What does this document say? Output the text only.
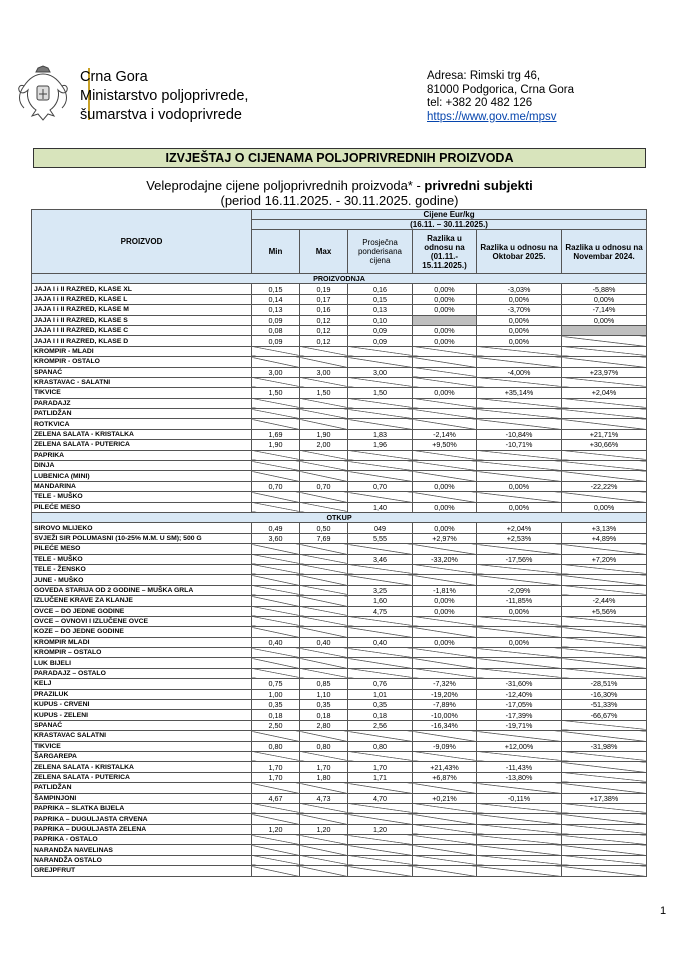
Crna Gora
Ministarstvo poljoprivrede,
šumarstva i vodoprivrede
Adresa: Rimski trg 46,
81000 Podgorica, Crna Gora
tel: +382 20 482 126
https://www.gov.me/mpsv
IZVJEŠTAJ O CIJENAMA POLJOPRIVREDNIH PROIZVODA
Veleprodajne cijene poljoprivrednih proizvoda* - privredni subjekti
(period 16.11.2025. - 30.11.2025. godine)
PROIZVOD	Cijene Eur/kg					
	(16.11. – 30.11.2025.)					
	Min	Max	Prosječna ponderisana cijena	Razlika u odnosu na (01.11.- 15.11.2025.)	Razlika u odnosu na Oktobar 2025.	Razlika u odnosu na Novembar 2024.
PROIZVODNJA						
JAJA I i II RAZRED, KLASE XL	0,15	0,19	0,16	0,00%	-3,03%	-5,88%
JAJA I i II RAZRED, KLASE L	0,14	0,17	0,15	0,00%	0,00%	0,00%
JAJA I i II RAZRED, KLASE M	0,13	0,16	0,13	0,00%	-3,70%	-7,14%
JAJA I i II RAZRED, KLASE S	0,09	0,12	0,10		0,00%	0,00%
JAJA I I II RAZRED, KLASE C	0,08	0,12	0,09	0,00%	0,00%	
JAJA I I II RAZRED, KLASE D	0,09	0,12	0,09	0,00%	0,00%	
KROMPIR - MLADI						
KROMPIR - OSTALO						
SPANAĆ	3,00	3,00	3,00		-4,00%	+23,97%
KRASTAVAC - SALATNI						
TIKVICE	1,50	1,50	1,50	0,00%	+35,14%	+2,04%
PARADAJZ						
PATLIDŽAN						
ROTKVICA						
ZELENA SALATA - KRISTALKA	1,69	1,90	1,83	-2,14%	-10,84%	+21,71%
ZELENA SALATA - PUTERICA	1,90	2,00	1,96	+9,50%	-10,71%	+30,66%
PAPRIKA						
DINJA						
LUBENICA (MINI)						
MANDARINA	0,70	0,70	0,70	0,00%	0,00%	-22,22%
TELE - MUŠKO						
PILEĆE MESO			1,40	0,00%	0,00%	0,00%
OTKUP						
SIROVO MLIJEKO	0,49	0,50	049	0,00%	+2,04%	+3,13%
SVJEŽI SIR POLUMASNI (10-25% M.M. U SM); 500 G	3,60	7,69	5,55	+2,97%	+2,53%	+4,89%
PILEĆE MESO						
TELE - MUŠKO			3,46	-33,20%	-17,56%	+7,20%
TELE - ŽENSKO						
JUNE - MUŠKO						
GOVEDA STARIJA OD 2 GODINE – MUŠKA GRLA			3,25	-1,81%	-2,09%	
IZLUČENE KRAVE ZA KLANJE			1,60	0,00%	-11,85%	-2,44%
OVCE – DO JEDNE GODINE			4,75	0,00%	0,00%	+5,56%
OVCE – OVNOVI I IZLUČENE OVCE						
KOZE – DO JEDNE GODINE						
KROMPIR MLADI	0,40	0,40	0,40	0,00%	0,00%	
KROMPIR – OSTALO						
LUK BIJELI						
PARADAJZ – OSTALO						
KELJ	0,75	0,85	0,76	-7,32%	-31,60%	-28,51%
PRAZILUK	1,00	1,10	1,01	-19,20%	-12,40%	-16,30%
KUPUS - CRVENI	0,35	0,35	0,35	-7,89%	-17,05%	-51,33%
KUPUS - ZELENI	0,18	0,18	0,18	-10,00%	-17,39%	-66,67%
SPANAĆ	2,50	2,80	2,56	-16,34%	-19,71%	
KRASTAVAC SALATNI						
TIKVICE	0,80	0,80	0,80	-9,09%	+12,00%	-31,98%
ŠARGAREPA						
ZELENA SALATA - KRISTALKA	1,70	1,70	1,70	+21,43%	-11,43%	
ZELENA SALATA - PUTERICA	1,70	1,80	1,71	+6,87%	-13,80%	
PATLIDŽAN						
ŠAMPINJONI	4,67	4,73	4,70	+0,21%	-0,11%	+17,38%
PAPRIKA – SLATKA BIJELA						
PAPRIKA – DUGULJASTA CRVENA						
PAPRIKA – DUGULJASTA ZELENA	1,20	1,20	1,20			
PAPRIKA - OSTALO						
NARANDŽA NAVELINAS						
NARANDŽA OSTALO						
GREJPFRUT						
1
